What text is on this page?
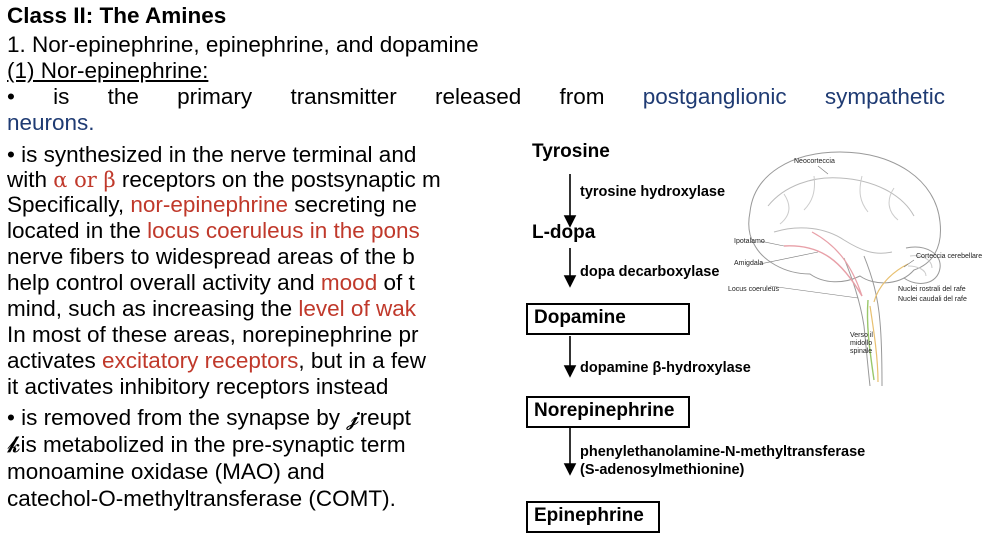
Class II: The Amines
1. Nor-epinephrine, epinephrine, and dopamine
(1) Nor-epinephrine:
• is the primary transmitter released from postganglionic sympathetic
neurons.
• is synthesized in the nerve terminal and
with α or β receptors on the postsynaptic m
Specifically, nor-epinephrine secreting ne
located in the locus coeruleus in the pons
nerve fibers to widespread areas of the b
help control overall activity and mood of t
mind, such as increasing the level of wak
In most of these areas, norepinephrine pr
activates excitatory receptors, but in a few
it activates inhibitory receptors instead
• is removed from the synapse by 𝓳reupt
𝓴is metabolized in the pre-synaptic term
monoamine oxidase (MAO) and
catechol-O-methyltransferase (COMT).
Tyrosine
tyrosine hydroxylase
L-dopa
dopa decarboxylase
Dopamine
dopamine β-hydroxylase
Norepinephrine
phenylethanolamine-N-methyltransferase
(S-adenosylmethionine)
Epinephrine
Neocorteccia
Corteccia cerebellare
Ipotalamo
Amigdala
Nuclei rostrali del rafe
Nuclei caudali del rafe
Locus coeruleus
Verso il midollo spinale
